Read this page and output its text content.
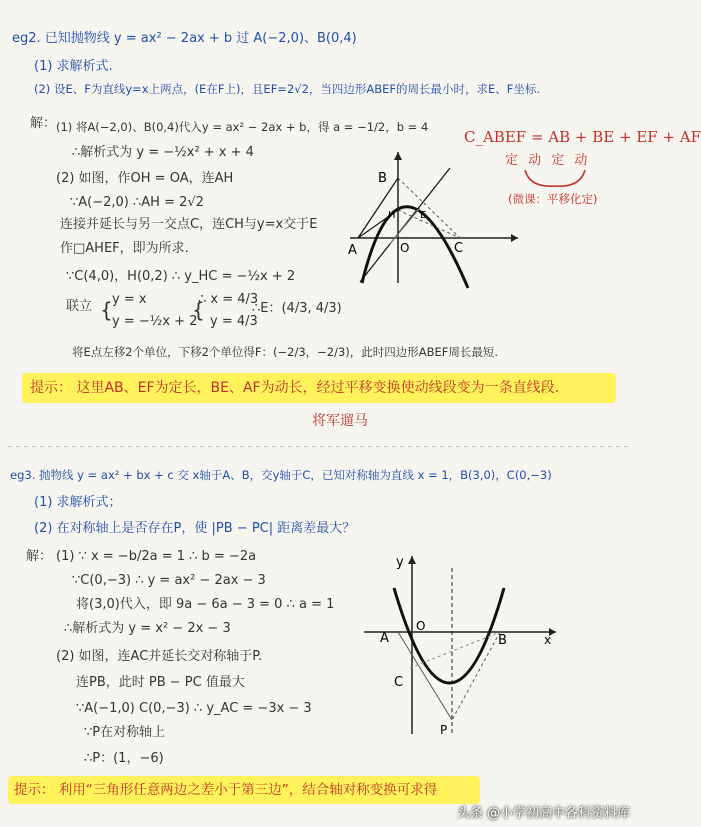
eg2. 已知抛物线 y = ax² − 2ax + b 过 A(−2,0)、B(0,4)
(1) 求解析式.
(2) 设E、F为直线y=x上两点，(E在F上)，且EF=2√2，当四边形ABEF的周长最小时，求E、F坐标.
解： (1) 将A(−2,0)、B(0,4)代入y = ax² − 2ax + b，得 a = −1/2，b = 4
∴解析式为 y = −½x² + x + 4
(2) 如图，作OH = OA，连AH
∵A(−2,0) ∴AH = 2√2
连接并延长与另一交点C，连CH与y=x交于E
作□AHEF，即为所求.
∵C(4,0)，H(0,2) ∴ y_HC = −½x + 2
联立 { y = x
y = −½x + 2
{
∴ x = 4/3
y = 4/3
∴E：(4/3, 4/3)
将E点左移2个单位，下移2个单位得F：(−2/3，−2/3)，此时四边形ABEF周长最短.
C_ABEF = AB + BE + EF + AF
定 动 定 动
(微课：平移化定)
B
A	O	C
E
H
提示： 这里AB、EF为定长，BE、AF为动长，经过平移变换使动线段变为一条直线段.
将军遛马
eg3. 抛物线 y = ax² + bx + c 交 x轴于A、B，交y轴于C，已知对称轴为直线 x = 1，B(3,0)，C(0,−3)
(1) 求解析式；
(2) 在对称轴上是否存在P，使 |PB − PC| 距离差最大？
解： (1) ∵ x = −b/2a = 1 ∴ b = −2a
∵C(0,−3) ∴ y = ax² − 2ax − 3
将(3,0)代入，即 9a − 6a − 3 = 0 ∴ a = 1
∴解析式为 y = x² − 2x − 3
(2) 如图，连AC并延长交对称轴于P.
连PB，此时 PB − PC 值最大
∵A(−1,0) C(0,−3) ∴ y_AC = −3x − 3
∵P在对称轴上
∴P：(1，−6)
y
A
O
B	x
C
P
提示： 利用“三角形任意两边之差小于第三边”，结合轴对称变换可求得
头条 @小学初高中各科资料库
